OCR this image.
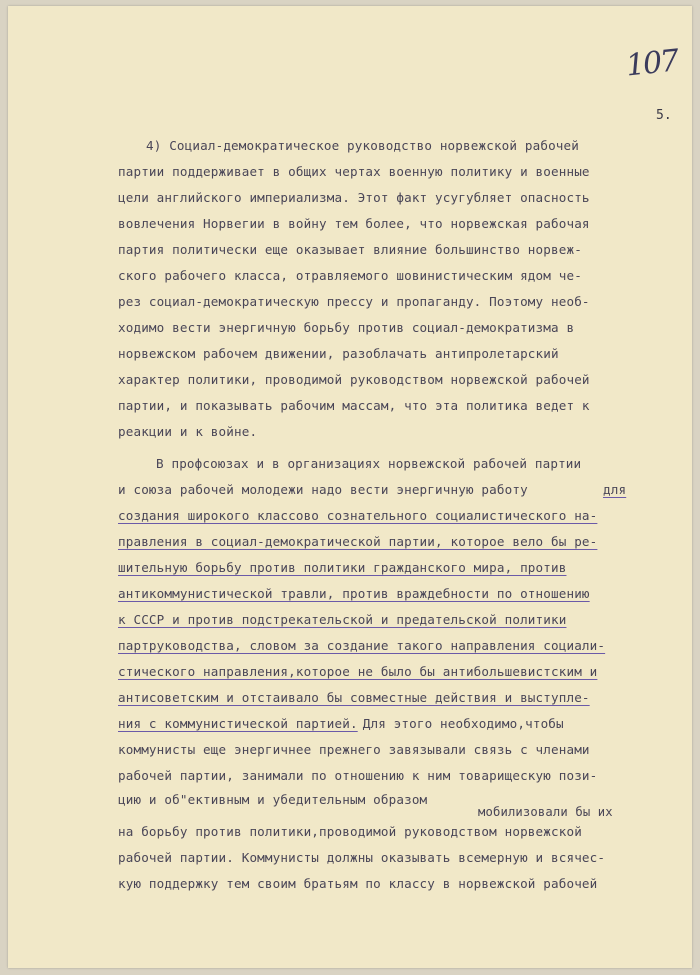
107
5.
4) Социал-демократическое руководство норвежской рабочей
партии поддерживает в общих чертах военную политику и военные
цели английского империализма. Этот факт усугубляет опасность
вовлечения Норвегии в войну тем более, что норвежская рабочая
партия политически еще оказывает влияние большинство норвеж-
ского рабочего класса, отравляемого шовинистическим ядом че-
рез социал-демократическую прессу и пропаганду. Поэтому необ-
ходимо вести энергичную борьбу против социал-демократизма в
норвежском рабочем движении, разоблачать антипролетарский
характер политики, проводимой руководством норвежской рабочей
партии, и показывать рабочим массам, что эта политика ведет к
реакции и к войне.
В профсоюзах и в организациях норвежской рабочей партии
и союза рабочей молодежи надо вести энергичную работу	для
создания широкого классово сознательного социалистического на-
правления в социал-демократической партии, которое вело бы ре-
шительную борьбу против политики гражданского мира, против
антикоммунистической травли, против враждебности по отношению
к СССР и против подстрекательской и предательской политики
партруководства, словом за создание такого направления социали-
стического направления,которое не было бы антибольшевистским и
антисоветским и отстаивало бы совместные действия и выступле-
ния с коммунистической партией.
Для этого необходимо,чтобы
коммунисты еще энергичнее прежнего завязывали связь с членами
рабочей партии, занимали по отношению к ним товарищескую пози-
цию и об"ективным и убедительным образом
мобилизовали бы их
на борьбу против политики,проводимой руководством норвежской
рабочей партии. Коммунисты должны оказывать всемерную и всячес-
кую поддержку тем своим братьям по классу в норвежской рабочей
